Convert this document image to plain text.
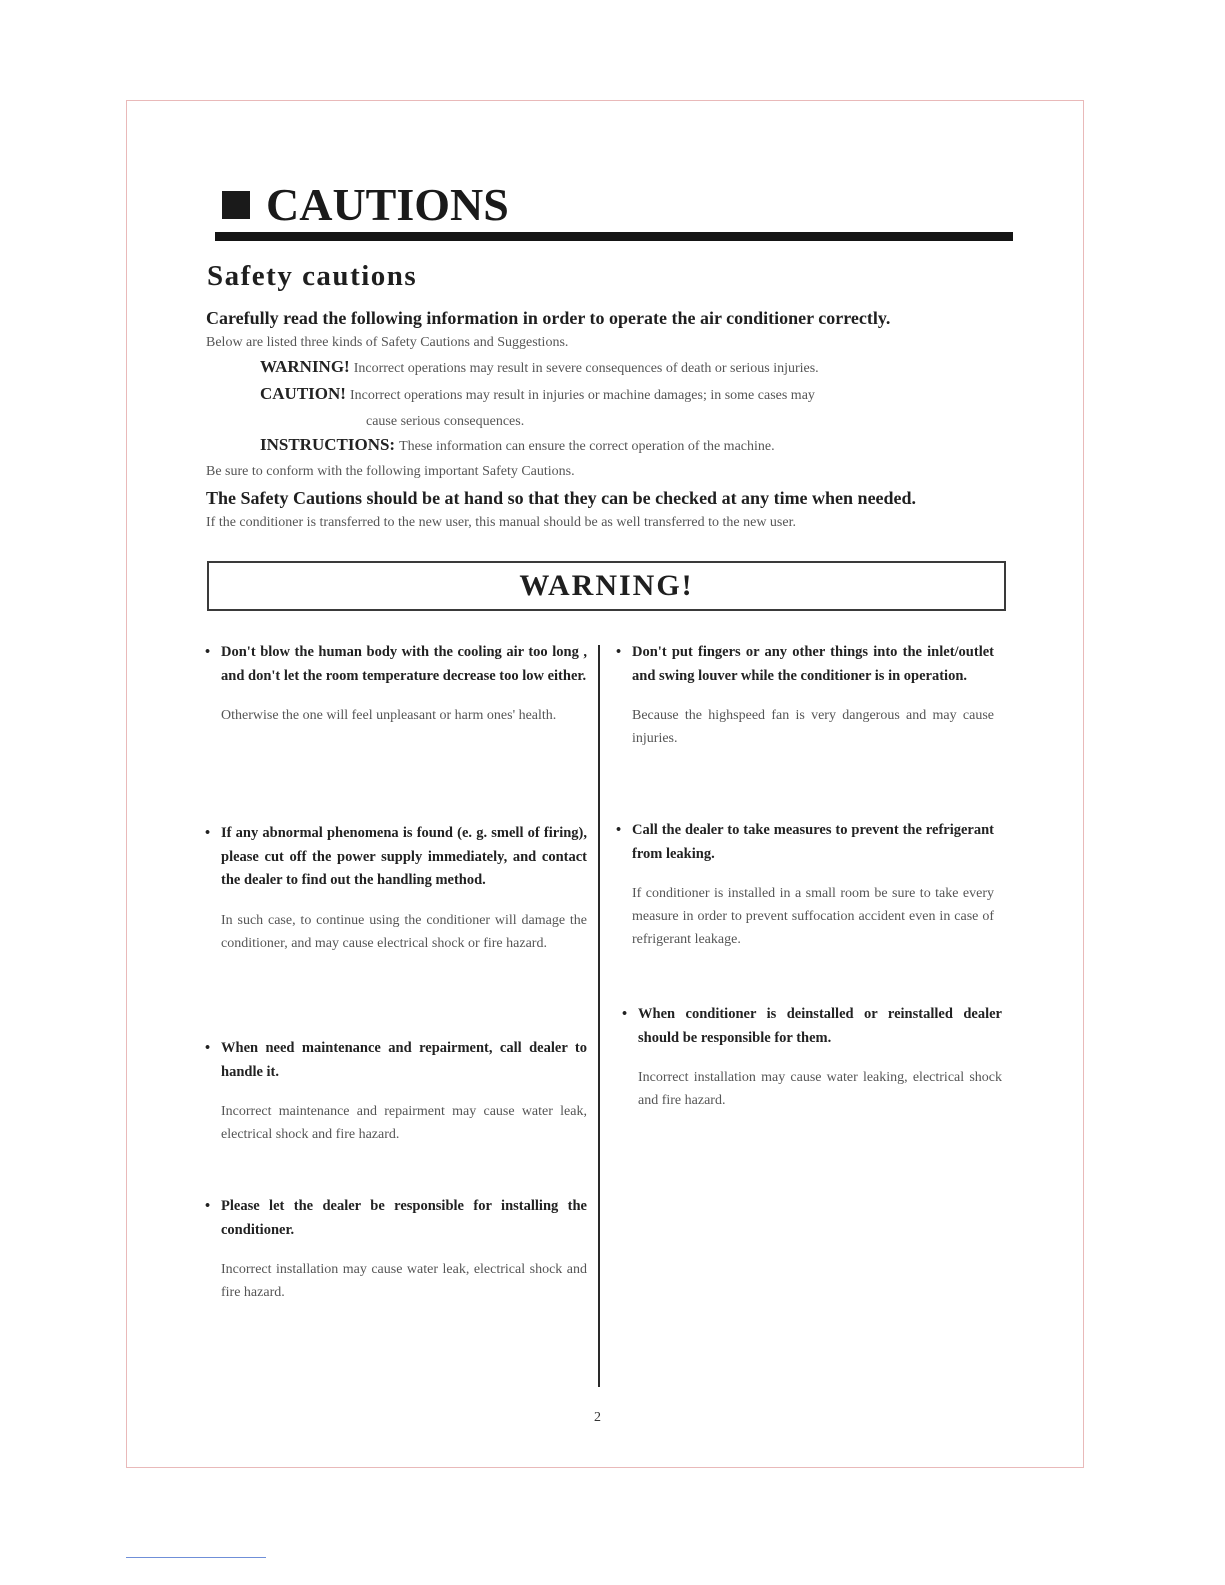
CAUTIONS
Safety cautions

Carefully read the following information in order to operate the air conditioner correctly.

Below are listed three kinds of Safety Cautions and Suggestions.

WARNING! Incorrect operations may result in severe consequences of death or serious injuries.

CAUTION! Incorrect operations may result in injuries or machine damages; in some cases may

cause serious consequences.

INSTRUCTIONS: These information can ensure the correct operation of the machine.

Be sure to conform with the following important Safety Cautions.

The Safety Cautions should be at hand so that they can be checked at any time when needed.

If the conditioner is transferred to the new user, this manual should be as well transferred to the new user.

WARNING!

• Don't blow the human body with the cooling air too long , and don't let the room temperature decrease too low either.

Otherwise the one will feel unpleasant or harm ones' health.

• If any abnormal phenomena is found (e. g. smell of firing), please cut off the power supply immediately, and contact the dealer to find out the handling method.

In such case, to continue using the conditioner will damage the conditioner, and may cause electrical shock or fire hazard.

• When need maintenance and repairment, call dealer to handle it.

Incorrect maintenance and repairment may cause water leak, electrical shock and fire hazard.

• Please let the dealer be responsible for installing the conditioner.

Incorrect installation may cause water leak, electrical shock and fire hazard.

• Don't put fingers or any other things into the inlet/outlet and swing louver while the conditioner is in operation.

Because the highspeed fan is very dangerous and may cause injuries.

• Call the dealer to take measures to prevent the refrigerant from leaking.

If conditioner is installed in a small room be sure to take every measure in order to prevent suffocation accident even in case of refrigerant leakage.

• When conditioner is deinstalled or reinstalled dealer should be responsible for them.

Incorrect installation may cause water leaking, electrical shock and fire hazard.

2
